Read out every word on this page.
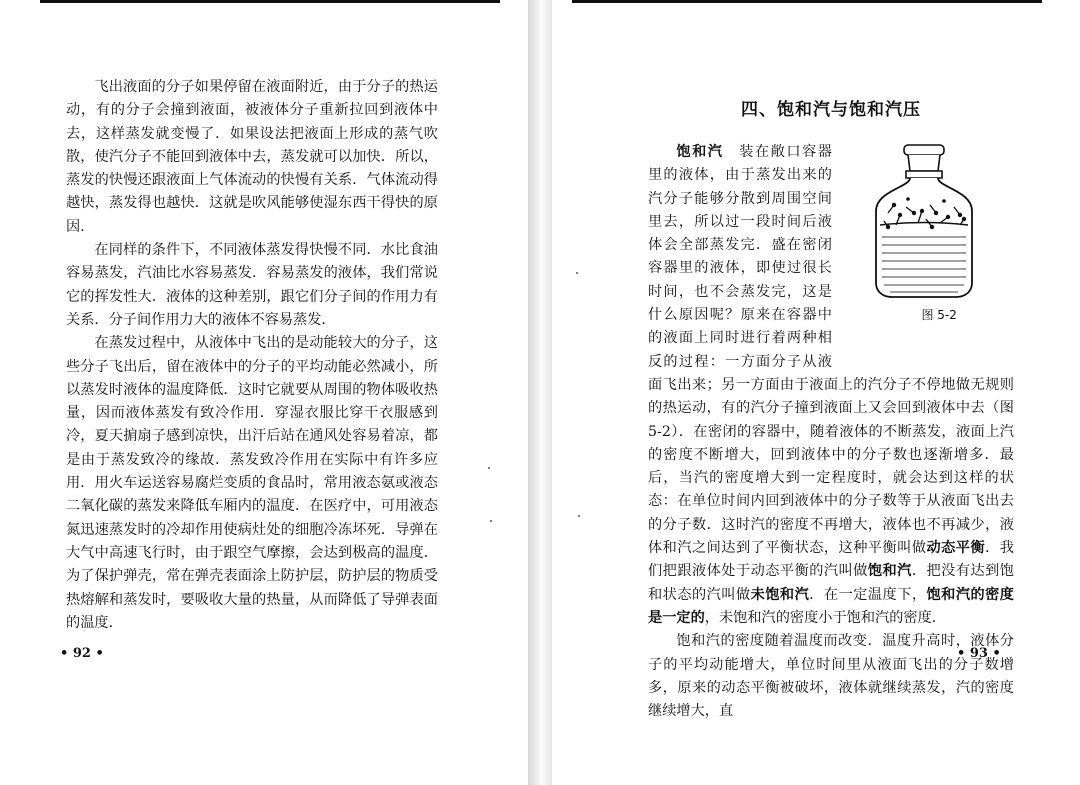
飞出液面的分子如果停留在液面附近，由于分子的热运动，有的分子会撞到液面，被液体分子重新拉回到液体中去，这样蒸发就变慢了．如果设法把液面上形成的蒸气吹散，使汽分子不能回到液体中去，蒸发就可以加快．所以，蒸发的快慢还跟液面上气体流动的快慢有关系．气体流动得越快，蒸发得也越快．这就是吹风能够使湿东西干得快的原因．

在同样的条件下，不同液体蒸发得快慢不同．水比食油容易蒸发，汽油比水容易蒸发．容易蒸发的液体，我们常说它的挥发性大．液体的这种差别，跟它们分子间的作用力有关系．分子间作用力大的液体不容易蒸发．

在蒸发过程中，从液体中飞出的是动能较大的分子，这些分子飞出后，留在液体中的分子的平均动能必然减小，所以蒸发时液体的温度降低．这时它就要从周围的物体吸收热量，因而液体蒸发有致冷作用．穿湿衣服比穿干衣服感到冷，夏天掮扇子感到凉快，出汗后站在通风处容易着凉，都是由于蒸发致冷的缘故．蒸发致冷作用在实际中有许多应用．用火车运送容易腐烂变质的食品时，常用液态氨或液态二氧化碳的蒸发来降低车厢内的温度．在医疗中，可用液态氮迅速蒸发时的冷却作用使病灶处的细胞冷冻坏死．导弹在大气中高速飞行时，由于跟空气摩擦，会达到极高的温度．为了保护弹壳，常在弹壳表面涂上防护层，防护层的物质受热熔解和蒸发时，要吸收大量的热量，从而降低了导弹表面的温度．

• 92 •
四、饱和汽与饱和汽压

饱和汽　
图 5-2
装在敞口容器里的液体，由于蒸发出来的汽分子能够分散到周围空间里去，所以过一段时间后液体会全部蒸发完．盛在密闭容器里的液体，即使过很长时间，也不会蒸发完，这是什么原因呢？原来在容器中的液面上同时进行着两种相反的过程：一方面分子从液面飞出来；另一方面由于液面上的汽分子不停地做无规则的热运动，有的汽分子撞到液面上又会回到液体中去（图5-2）．在密闭的容器中，随着液体的不断蒸发，液面上汽的密度不断增大，回到液体中的分子数也逐渐增多．最后，当汽的密度增大到一定程度时，就会达到这样的状态：在单位时间内回到液体中的分子数等于从液面飞出去的分子数．这时汽的密度不再增大，液体也不再减少，液体和汽之间达到了平衡状态，这种平衡叫做动态平衡．我们把跟液体处于动态平衡的汽叫做饱和汽．把没有达到饱和状态的汽叫做未饱和汽．在一定温度下，饱和汽的密度是一定的，未饱和汽的密度小于饱和汽的密度．

饱和汽的密度随着温度而改变．温度升高时，液体分子的平均动能增大，单位时间里从液面飞出的分子数增多，原来的动态平衡被破坏，液体就继续蒸发，汽的密度继续增大，直

• 93 •
